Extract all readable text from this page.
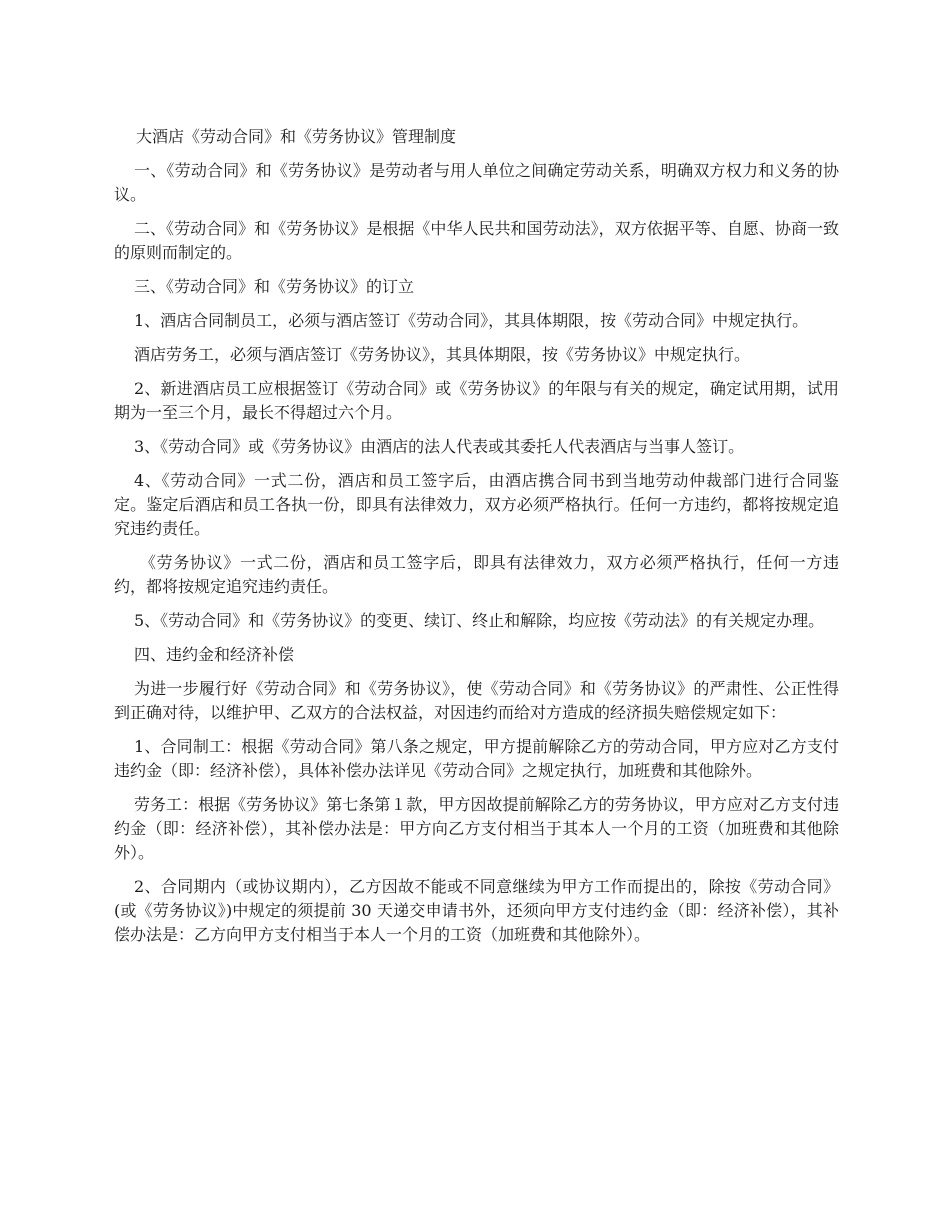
大酒店《劳动合同》和《劳务协议》管理制度

一、《劳动合同》和《劳务协议》是劳动者与用人单位之间确定劳动关系，明确双方权力和义务的协议。

二、《劳动合同》和《劳务协议》是根据《中华人民共和国劳动法》，双方依据平等、自愿、协商一致的原则而制定的。

三、《劳动合同》和《劳务协议》的订立

1、酒店合同制员工，必须与酒店签订《劳动合同》，其具体期限，按《劳动合同》中规定执行。

酒店劳务工，必须与酒店签订《劳务协议》，其具体期限，按《劳务协议》中规定执行。

2、新进酒店员工应根据签订《劳动合同》或《劳务协议》的年限与有关的规定，确定试用期，试用期为一至三个月，最长不得超过六个月。

3、《劳动合同》或《劳务协议》由酒店的法人代表或其委托人代表酒店与当事人签订。

4、《劳动合同》一式二份，酒店和员工签字后，由酒店携合同书到当地劳动仲裁部门进行合同鉴定。鉴定后酒店和员工各执一份，即具有法律效力，双方必须严格执行。任何一方违约，都将按规定追究违约责任。

《劳务协议》一式二份，酒店和员工签字后，即具有法律效力，双方必须严格执行，任何一方违约，都将按规定追究违约责任。

5、《劳动合同》和《劳务协议》的变更、续订、终止和解除，均应按《劳动法》的有关规定办理。

四、违约金和经济补偿

为进一步履行好《劳动合同》和《劳务协议》，使《劳动合同》和《劳务协议》的严肃性、公正性得到正确对待，以维护甲、乙双方的合法权益，对因违约而给对方造成的经济损失赔偿规定如下：

1、合同制工：根据《劳动合同》第八条之规定，甲方提前解除乙方的劳动合同，甲方应对乙方支付违约金（即：经济补偿），具体补偿办法详见《劳动合同》之规定执行，加班费和其他除外。

劳务工：根据《劳务协议》第七条第１款，甲方因故提前解除乙方的劳务协议，甲方应对乙方支付违约金（即：经济补偿），其补偿办法是：甲方向乙方支付相当于其本人一个月的工资（加班费和其他除外）。

2、合同期内（或协议期内），乙方因故不能或不同意继续为甲方工作而提出的，除按《劳动合同》(或《劳务协议》)中规定的须提前 30 天递交申请书外，还须向甲方支付违约金（即：经济补偿），其补偿办法是：乙方向甲方支付相当于本人一个月的工资（加班费和其他除外）。
